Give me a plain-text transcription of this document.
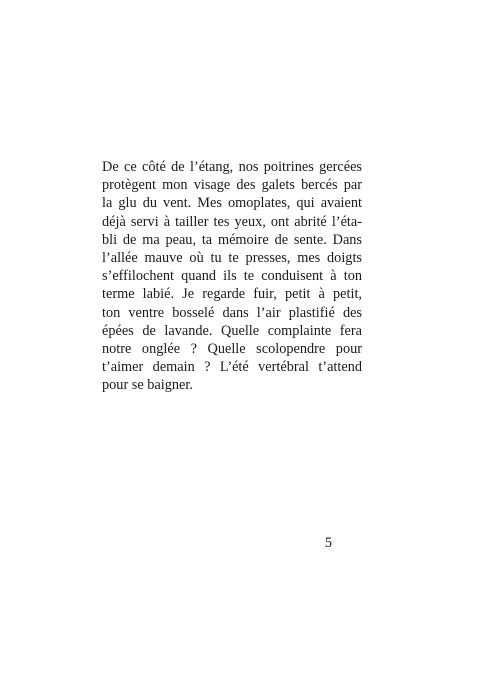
De ce côté de l’étang, nos poitrines gercées
protègent mon visage des galets bercés par
la glu du vent. Mes omoplates, qui avaient
déjà servi à tailler tes yeux, ont abrité l’éta-
bli de ma peau, ta mémoire de sente. Dans
l’allée mauve où tu te presses, mes doigts
s’effilochent quand ils te conduisent à ton
terme labié. Je regarde fuir, petit à petit,
ton ventre bosselé dans l’air plastifié des
épées de lavande. Quelle complainte fera
notre onglée ? Quelle scolopendre pour
t’aimer demain ? L’été vertébral t’attend
pour se baigner.
5
